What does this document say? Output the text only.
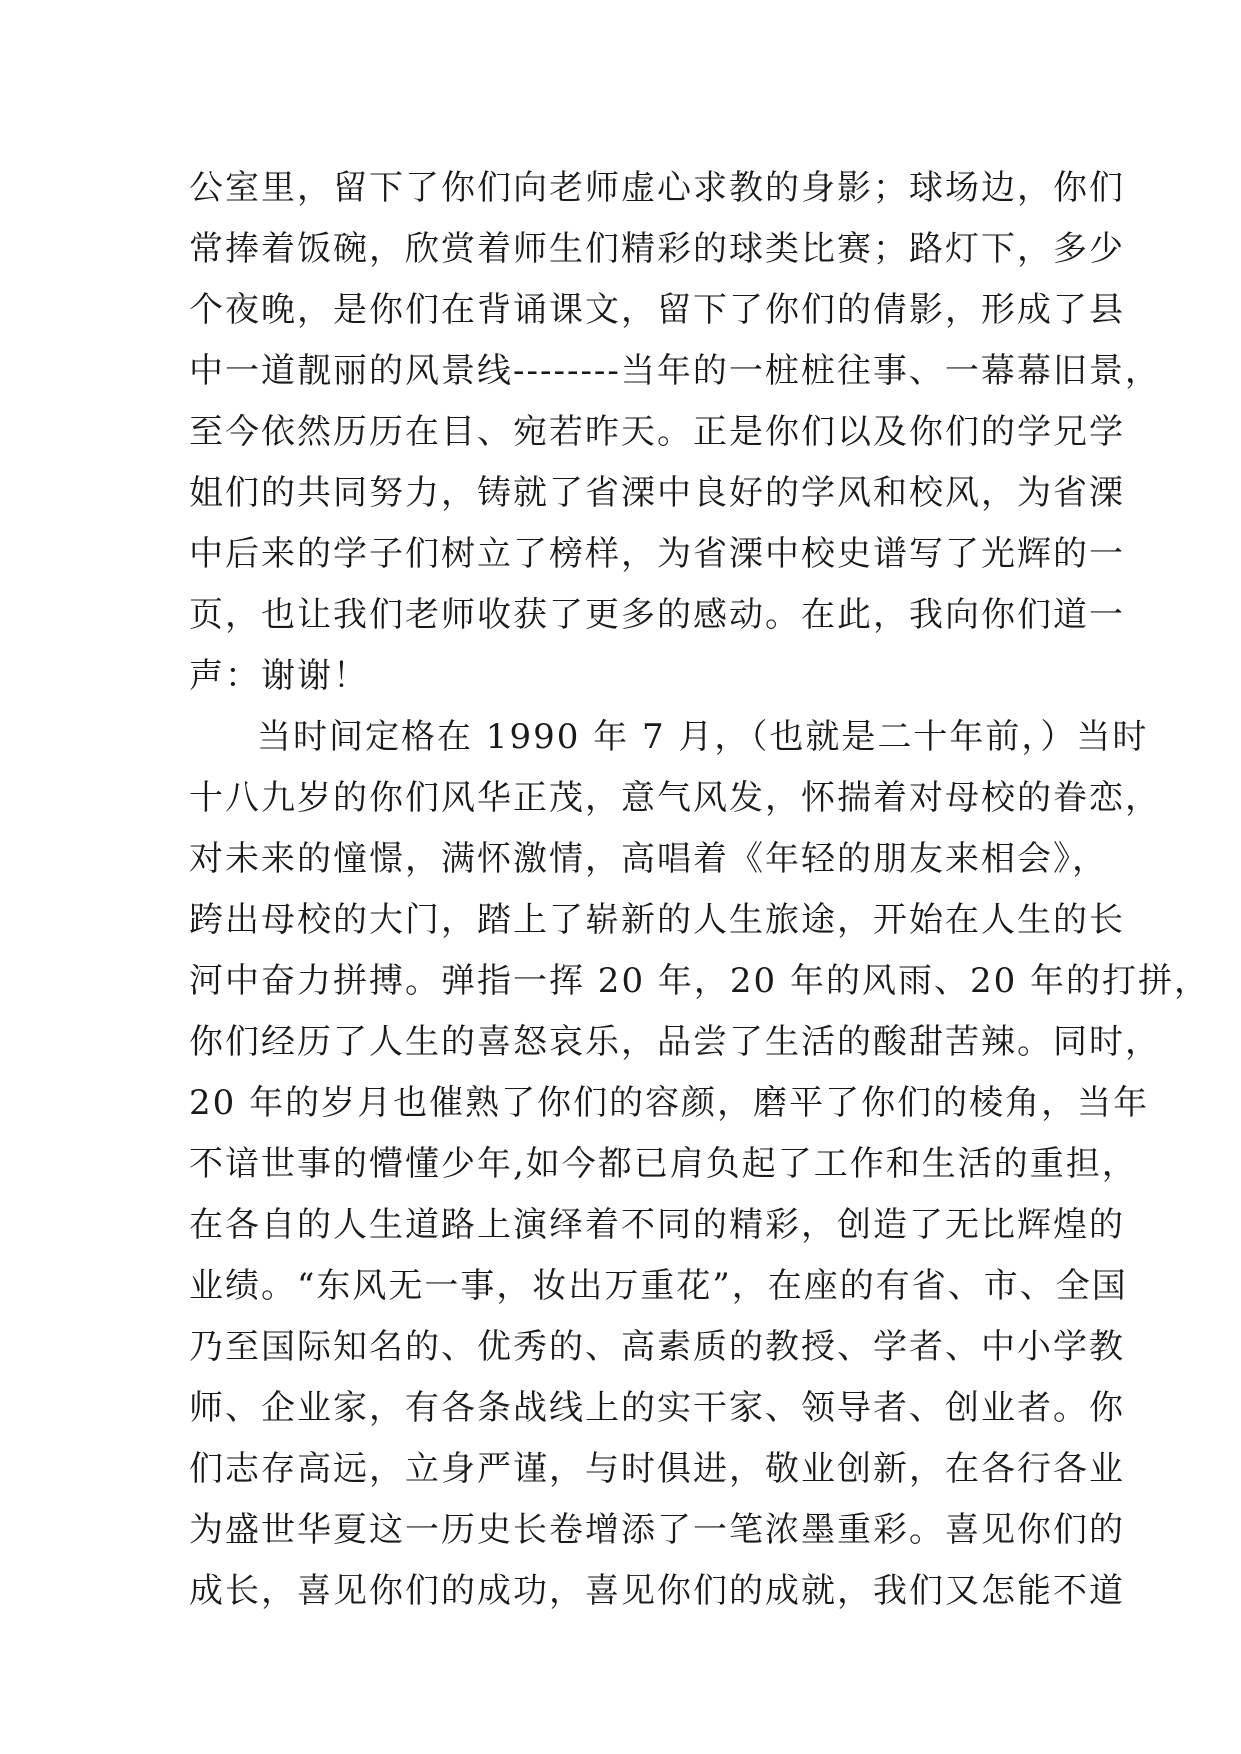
公室里，留下了你们向老师虚心求教的身影；球场边，你们
常捧着饭碗，欣赏着师生们精彩的球类比赛；路灯下，多少
个夜晚，是你们在背诵课文，留下了你们的倩影，形成了县
中一道靓丽的风景线--------当年的一桩桩往事、一幕幕旧景，
至今依然历历在目、宛若昨天。正是你们以及你们的学兄学
姐们的共同努力，铸就了省溧中良好的学风和校风，为省溧
中后来的学子们树立了榜样，为省溧中校史谱写了光辉的一
页，也让我们老师收获了更多的感动。在此，我向你们道一
声：谢谢！
当时间定格在 1990 年 7 月，（也就是二十年前，）当时
十八九岁的你们风华正茂，意气风发，怀揣着对母校的眷恋，
对未来的憧憬，满怀激情，高唱着《年轻的朋友来相会》，
跨出母校的大门，踏上了崭新的人生旅途，开始在人生的长
河中奋力拼搏。弹指一挥 20 年，20 年的风雨、20 年的打拼，
你们经历了人生的喜怒哀乐，品尝了生活的酸甜苦辣。同时，
20 年的岁月也催熟了你们的容颜，磨平了你们的棱角，当年
不谙世事的懵懂少年,如今都已肩负起了工作和生活的重担，
在各自的人生道路上演绎着不同的精彩，创造了无比辉煌的
业绩。“东风无一事，妆出万重花”，在座的有省、市、全国
乃至国际知名的、优秀的、高素质的教授、学者、中小学教
师、企业家，有各条战线上的实干家、领导者、创业者。你
们志存高远，立身严谨，与时俱进，敬业创新，在各行各业
为盛世华夏这一历史长卷增添了一笔浓墨重彩。喜见你们的
成长，喜见你们的成功，喜见你们的成就，我们又怎能不道
